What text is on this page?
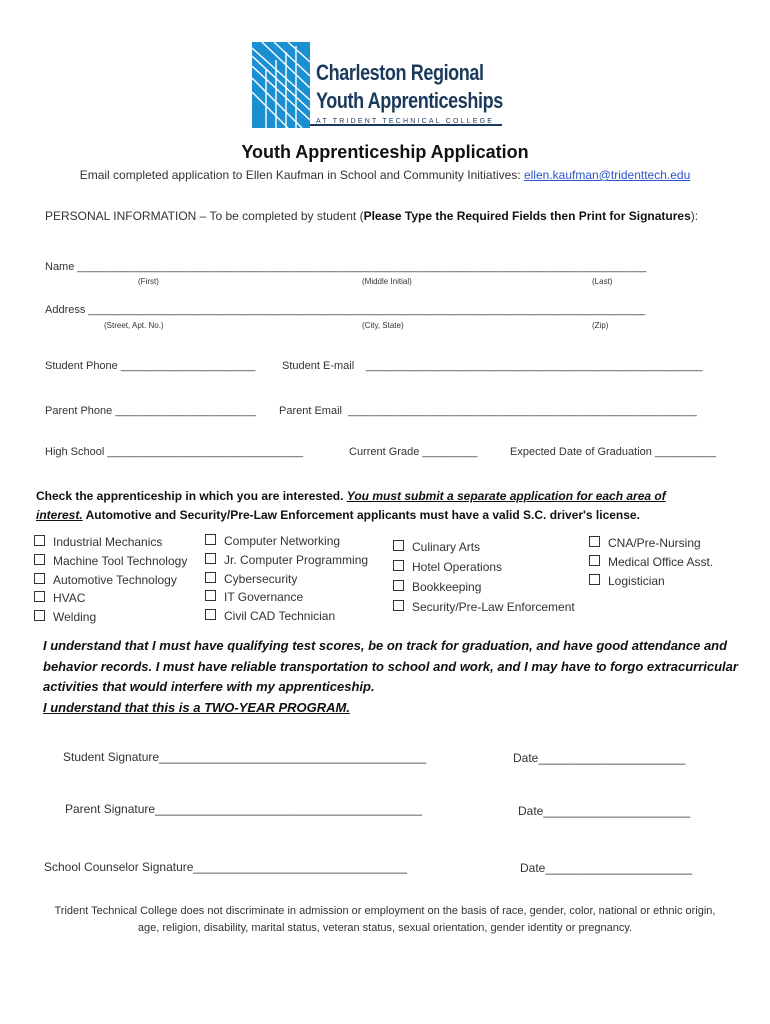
Charleston Regional
Youth Apprenticeships
AT TRIDENT TECHNICAL COLLEGE
Youth Apprenticeship Application
Email completed application to Ellen Kaufman in School and Community Initiatives: ellen.kaufman@tridenttech.edu
PERSONAL INFORMATION – To be completed by student (Please Type the Required Fields then Print for Signatures):
Name _____________________________________________________________________________________________
(First)	(Middle Initial)	(Last)
Address ___________________________________________________________________________________________
(Street, Apt. No.)	(City, State)	(Zip)
Student Phone ______________________ Student E-mail _______________________________________________________
Parent Phone _______________________ Parent Email _________________________________________________________
High School ________________________________	Current Grade _________	Expected Date of Graduation __________
Check the apprenticeship in which you are interested. You must submit a separate application for each area of interest. Automotive and Security/Pre-Law Enforcement applicants must have a valid S.C. driver's license.
Industrial Mechanics
Machine Tool Technology
Automotive Technology
HVAC
Welding
Computer Networking
Jr. Computer Programming
Cybersecurity
IT Governance
Civil CAD Technician
Culinary Arts
Hotel Operations
Bookkeeping
Security/Pre-Law Enforcement
CNA/Pre-Nursing
Medical Office Asst.
Logistician
I understand that I must have qualifying test scores, be on track for graduation, and have good attendance and behavior records. I must have reliable transportation to school and work, and I may have to forgo extracurricular activities that would interfere with my apprenticeship.
I understand that this is a TWO-YEAR PROGRAM.
Student Signature________________________________________	Date______________________
Parent Signature________________________________________	Date______________________
School Counselor Signature________________________________	Date______________________
Trident Technical College does not discriminate in admission or employment on the basis of race, gender, color, national or ethnic origin, age, religion, disability, marital status, veteran status, sexual orientation, gender identity or pregnancy.
